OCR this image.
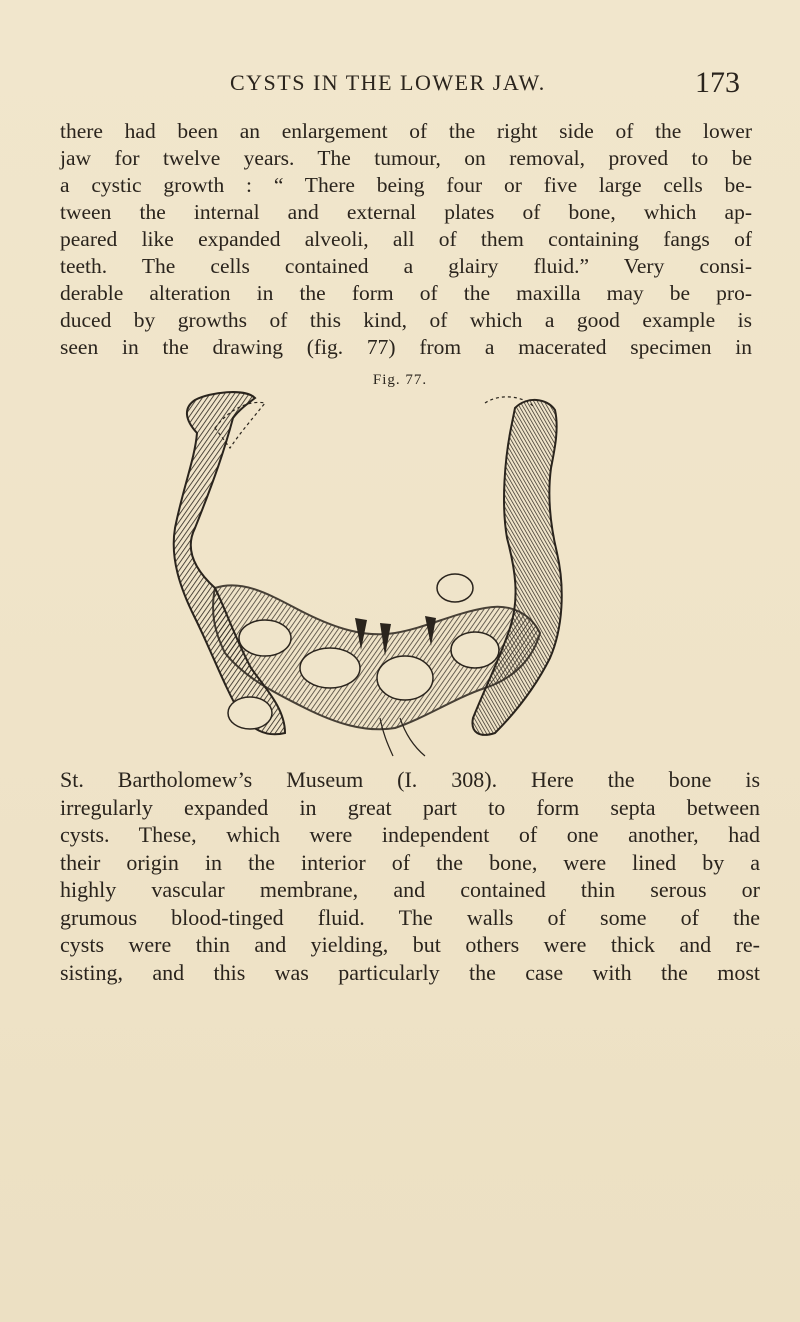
CYSTS IN THE LOWER JAW.	173

there had been an enlargement of the right side of the lower
jaw for twelve years. The tumour, on removal, proved to be
a cystic growth : “ There being four or five large cells be-
tween the internal and external plates of bone, which ap-
peared like expanded alveoli, all of them containing fangs of
teeth. The cells contained a glairy fluid.” Very consi-
derable alteration in the form of the maxilla may be pro-
duced by growths of this kind, of which a good example is
seen in the drawing (fig. 77) from a macerated specimen in

Fig. 77.

St. Bartholomew’s Museum (I. 308). Here the bone is
irregularly expanded in great part to form septa between
cysts. These, which were independent of one another, had
their origin in the interior of the bone, were lined by a
highly vascular membrane, and contained thin serous or
grumous blood-tinged fluid. The walls of some of the
cysts were thin and yielding, but others were thick and re-
sisting, and this was particularly the case with the most
